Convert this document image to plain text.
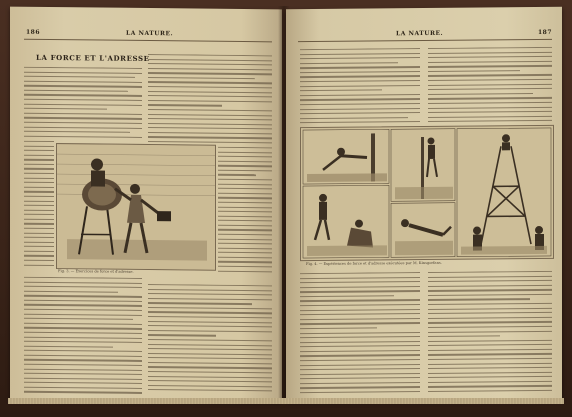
186	LA NATURE.
LA FORCE ET L'ADRESSE
Fig. 3. — Exercices de force et d'adresse.
LA NATURE.	187
Fig. 4. — Expériences de force et d'adresse exécutées par M. Kinsgorfans.
